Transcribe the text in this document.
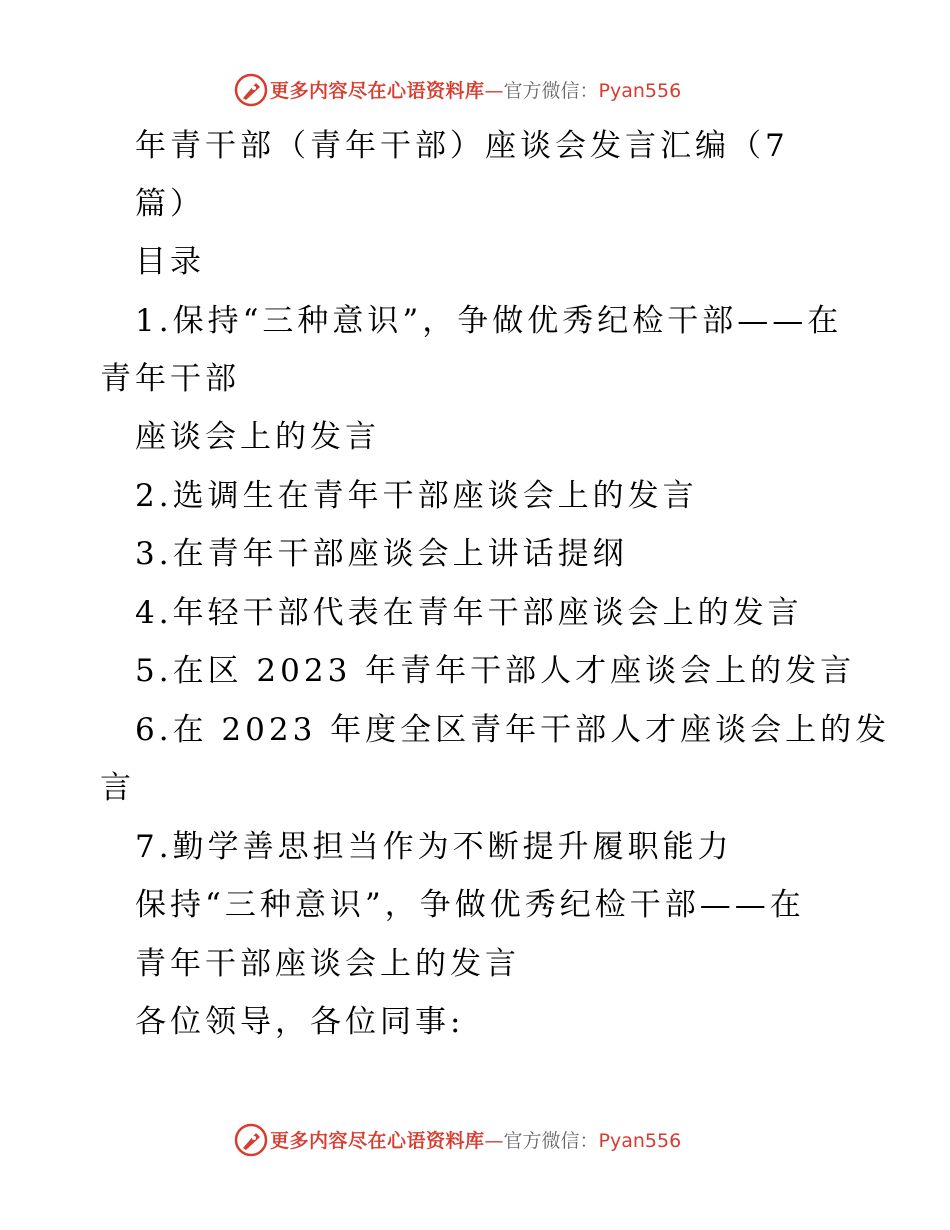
更多内容尽在心语资料库—官方微信：Pyan556
年青干部（青年干部）座谈会发言汇编（7
篇）
目录
1.保持“三种意识”，争做优秀纪检干部——在
青年干部
座谈会上的发言
2.选调生在青年干部座谈会上的发言
3.在青年干部座谈会上讲话提纲
4.年轻干部代表在青年干部座谈会上的发言
5.在区 2023 年青年干部人才座谈会上的发言
6.在 2023 年度全区青年干部人才座谈会上的发
言
7.勤学善思担当作为不断提升履职能力
保持“三种意识”，争做优秀纪检干部——在
青年干部座谈会上的发言
各位领导，各位同事:
更多内容尽在心语资料库—官方微信：Pyan556
